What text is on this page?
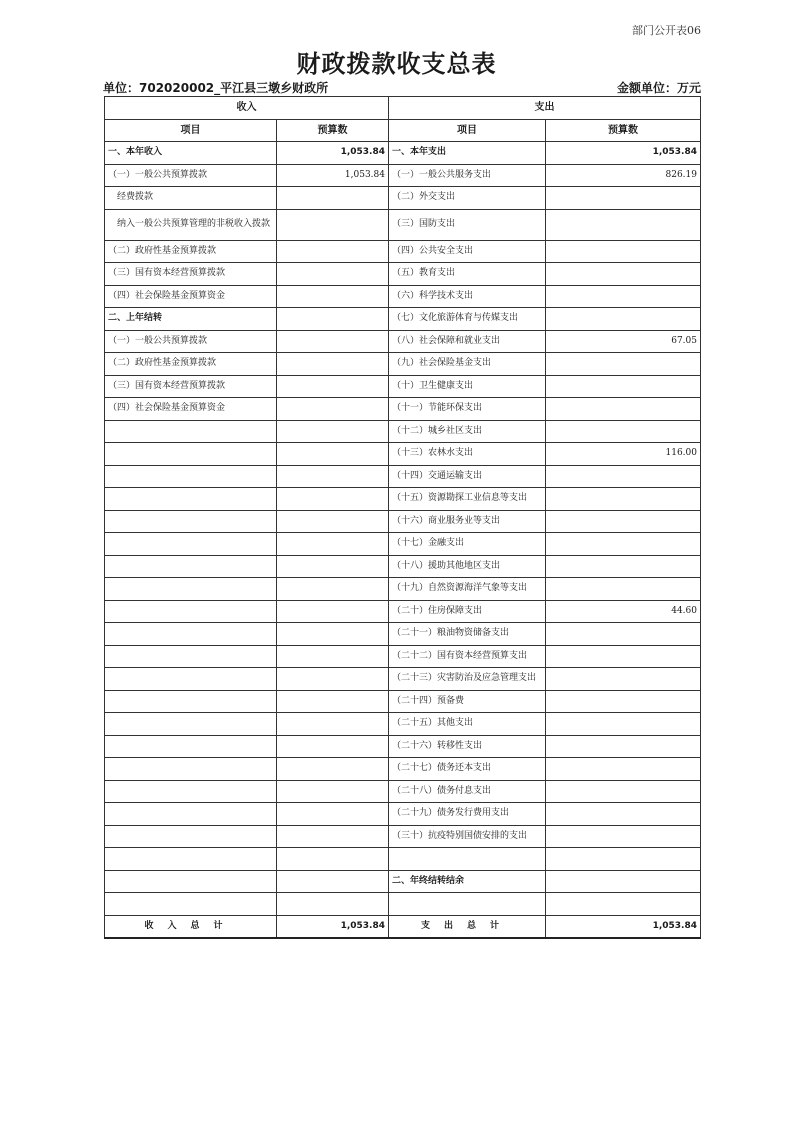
部门公开表06
财政拨款收支总表
单位：702020002_平江县三墩乡财政所	金额单位：万元
收入		支出	
项目	预算数	项目	预算数
一、本年收入	1,053.84	一、本年支出	1,053.84
（一）一般公共预算拨款	1,053.84	（一）一般公共服务支出	826.19
经费拨款		（二）外交支出	
纳入一般公共预算管理的非税收入拨款		（三）国防支出	
（二）政府性基金预算拨款		（四）公共安全支出	
（三）国有资本经营预算拨款		（五）教育支出	
（四）社会保险基金预算资金		（六）科学技术支出	
二、上年结转		（七）文化旅游体育与传媒支出	
（一）一般公共预算拨款		（八）社会保障和就业支出	67.05
（二）政府性基金预算拨款		（九）社会保险基金支出	
（三）国有资本经营预算拨款		（十）卫生健康支出	
（四）社会保险基金预算资金		（十一）节能环保支出	
		（十二）城乡社区支出	
		（十三）农林水支出	116.00
		（十四）交通运输支出	
		（十五）资源勘探工业信息等支出	
		（十六）商业服务业等支出	
		（十七）金融支出	
		（十八）援助其他地区支出	
		（十九）自然资源海洋气象等支出	
		（二十）住房保障支出	44.60
		（二十一）粮油物资储备支出	
		（二十二）国有资本经营预算支出	
		（二十三）灾害防治及应急管理支出	
		（二十四）预备费	
		（二十五）其他支出	
		（二十六）转移性支出	
		（二十七）债务还本支出	
		（二十八）债务付息支出	
		（二十九）债务发行费用支出	
		（三十）抗疫特别国债安排的支出	

		二、年终结转结余	

收入总计	1,053.84	支出总计	1,053.84
